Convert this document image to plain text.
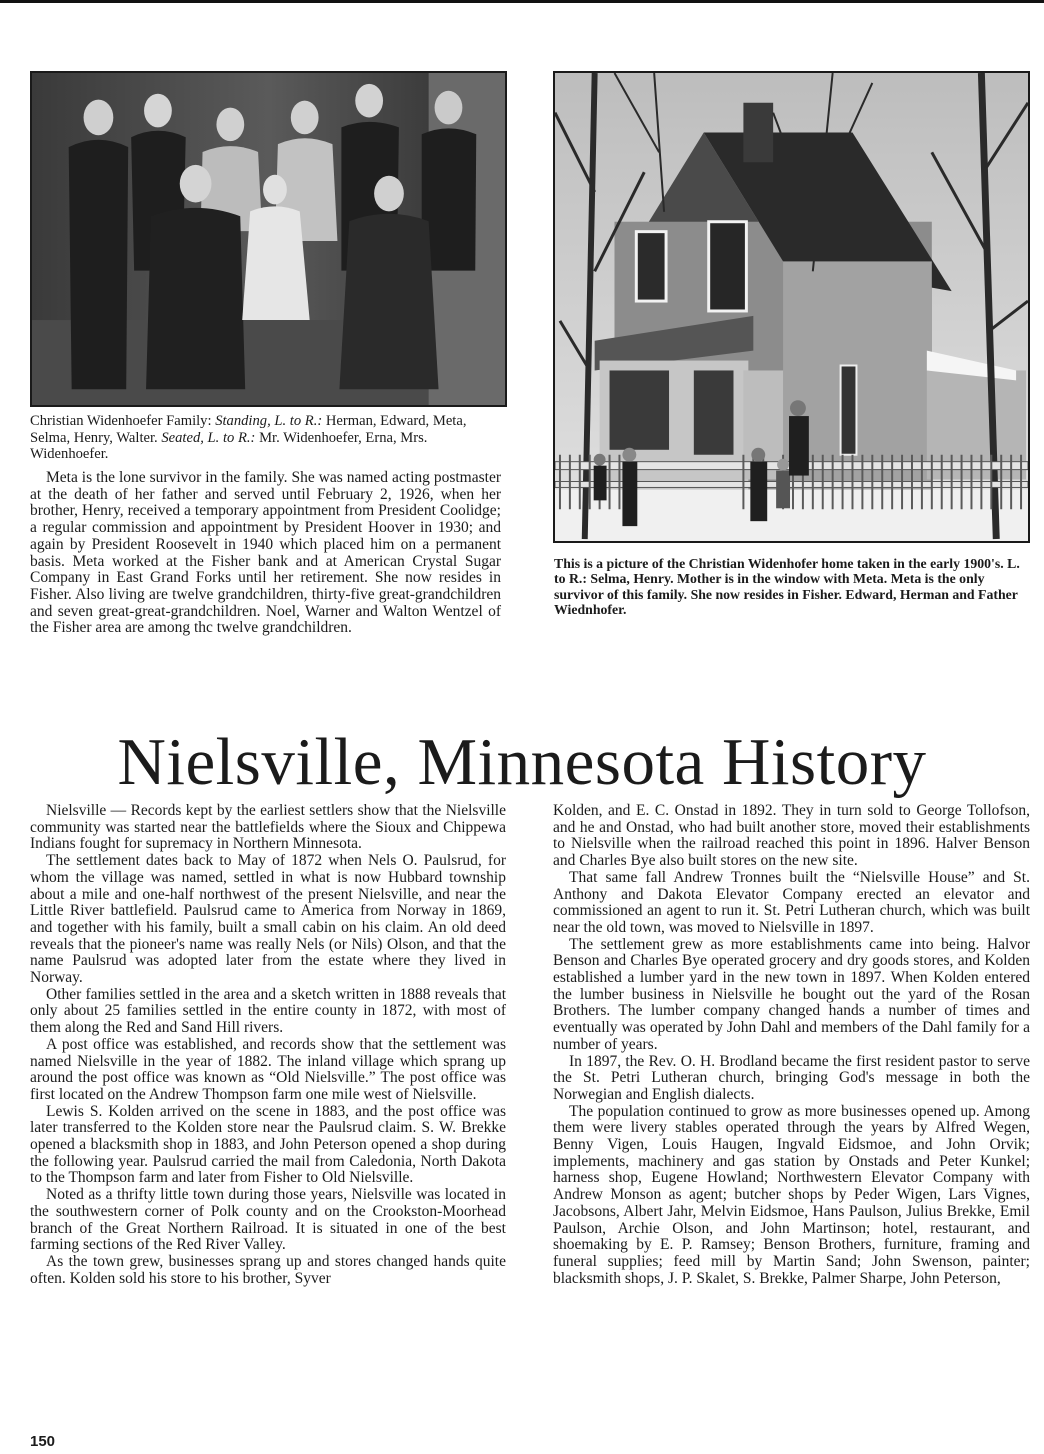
Christian Widenhoefer Family: Standing, L. to R.: Herman, Edward, Meta, Selma, Henry, Walter. Seated, L. to R.: Mr. Widenhoefer, Erna, Mrs. Widenhoefer.

Meta is the lone survivor in the family. She was named acting postmaster at the death of her father and served until February 2, 1926, when her brother, Henry, received a temporary appointment from President Coolidge; a regular commission and appointment by President Hoover in 1930; and again by President Roosevelt in 1940 which placed him on a permanent basis. Meta worked at the Fisher bank and at American Crystal Sugar Company in East Grand Forks until her retirement. She now resides in Fisher. Also living are twelve grandchildren, thirty-five great-grandchildren and seven great-great-grandchildren. Noel, Warner and Walton Wentzel of the Fisher area are among thc twelve grandchildren.

This is a picture of the Christian Widenhofer home taken in the early 1900's. L. to R.: Selma, Henry. Mother is in the window with Meta. Meta is the only survivor of this family. She now resides in Fisher. Edward, Herman and Father Wiednhofer.
Nielsville, Minnesota History

Nielsville — Records kept by the earliest settlers show that the Nielsville community was started near the battlefields where the Sioux and Chippewa Indians fought for supremacy in Northern Minnesota.

The settlement dates back to May of 1872 when Nels O. Paulsrud, for whom the village was named, settled in what is now Hubbard township about a mile and one-half northwest of the present Nielsville, and near the Little River battlefield. Paulsrud came to America from Norway in 1869, and together with his family, built a small cabin on his claim. An old deed reveals that the pioneer's name was really Nels (or Nils) Olson, and that the name Paulsrud was adopted later from the estate where they lived in Norway.

Other families settled in the area and a sketch written in 1888 reveals that only about 25 families settled in the entire county in 1872, with most of them along the Red and Sand Hill rivers.

A post office was established, and records show that the settlement was named Nielsville in the year of 1882. The inland village which sprang up around the post office was known as “Old Nielsville.” The post office was first located on the Andrew Thompson farm one mile west of Nielsville.

Lewis S. Kolden arrived on the scene in 1883, and the post office was later transferred to the Kolden store near the Paulsrud claim. S. W. Brekke opened a blacksmith shop in 1883, and John Peterson opened a shop during the following year. Paulsrud carried the mail from Caledonia, North Dakota to the Thompson farm and later from Fisher to Old Nielsville.

Noted as a thrifty little town during those years, Nielsville was located in the southwestern corner of Polk county and on the Crookston-Moorhead branch of the Great Northern Railroad. It is situated in one of the best farming sections of the Red River Valley.

As the town grew, businesses sprang up and stores changed hands quite often. Kolden sold his store to his brother, Syver

Kolden, and E. C. Onstad in 1892. They in turn sold to George Tollofson, and he and Onstad, who had built another store, moved their establishments to Nielsville when the railroad reached this point in 1896. Halver Benson and Charles Bye also built stores on the new site.

That same fall Andrew Tronnes built the “Nielsville House” and St. Anthony and Dakota Elevator Company erected an elevator and commissioned an agent to run it. St. Petri Lutheran church, which was built near the old town, was moved to Nielsville in 1897.

The settlement grew as more establishments came into being. Halvor Benson and Charles Bye operated grocery and dry goods stores, and Kolden established a lumber yard in the new town in 1897. When Kolden entered the lumber business in Nielsville he bought out the yard of the Rosan Brothers. The lumber company changed hands a number of times and eventually was operated by John Dahl and members of the Dahl family for a number of years.

In 1897, the Rev. O. H. Brodland became the first resident pastor to serve the St. Petri Lutheran church, bringing God's message in both the Norwegian and English dialects.

The population continued to grow as more businesses opened up. Among them were livery stables operated through the years by Alfred Wegen, Benny Vigen, Louis Haugen, Ingvald Eidsmoe, and John Orvik; implements, machinery and gas station by Onstads and Peter Kunkel; harness shop, Eugene Howland; Northwestern Elevator Company with Andrew Monson as agent; butcher shops by Peder Wigen, Lars Vignes, Jacobsons, Albert Jahr, Melvin Eidsmoe, Hans Paulson, Julius Brekke, Emil Paulson, Archie Olson, and John Martinson; hotel, restaurant, and shoemaking by E. P. Ramsey; Benson Brothers, furniture, framing and funeral supplies; feed mill by Martin Sand; John Swenson, painter; blacksmith shops, J. P. Skalet, S. Brekke, Palmer Sharpe, John Peterson,

150
